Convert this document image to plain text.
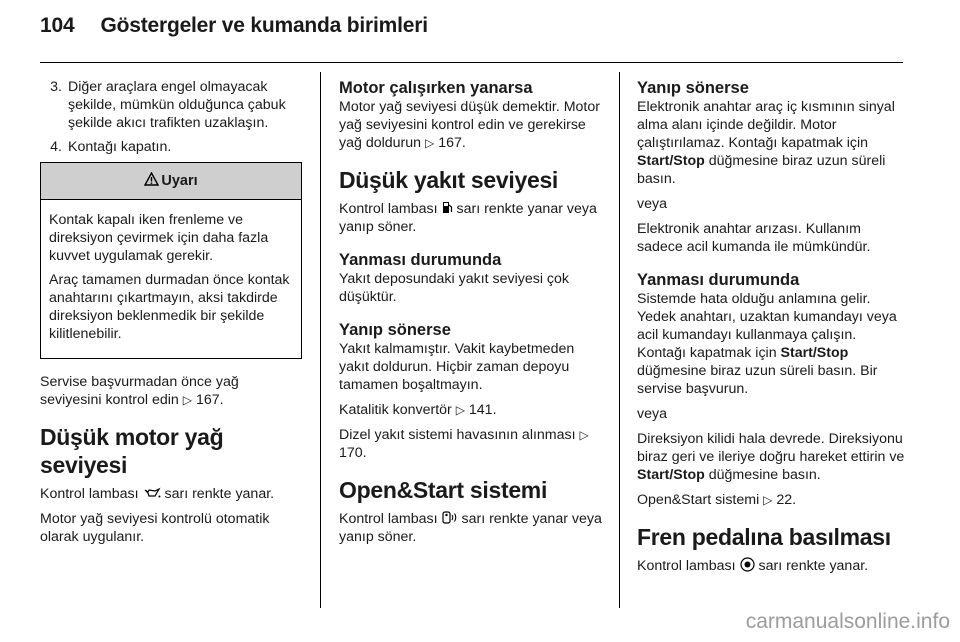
104 Göstergeler ve kumanda birimleri
3. Diğer araçlara engel olmayacak şekilde, mümkün olduğunca çabuk şekilde akıcı trafikten uzaklaşın.
4. Kontağı kapatın.
Uyarı

Kontak kapalı iken frenleme ve direksiyon çevirmek için daha fazla kuvvet uygulamak gerekir.

Araç tamamen durmadan önce kontak anahtarını çıkartmayın, aksi takdirde direksiyon beklenmedik bir şekilde kilitlenebilir.

Servise başvurmadan önce yağ seviyesini kontrol edin ▷ 167.

Düşük motor yağ seviyesi

Kontrol lambası sarı renkte yanar.

Motor yağ seviyesi kontrolü otomatik olarak uygulanır.

Motor çalışırken yanarsa

Motor yağ seviyesi düşük demektir. Motor yağ seviyesini kontrol edin ve gerekirse yağ doldurun ▷ 167.

Düşük yakıt seviyesi

Kontrol lambası sarı renkte yanar veya yanıp söner.

Yanması durumunda

Yakıt deposundaki yakıt seviyesi çok düşüktür.

Yanıp sönerse

Yakıt kalmamıştır. Vakit kaybetmeden yakıt doldurun. Hiçbir zaman depoyu tamamen boşaltmayın.

Katalitik konvertör ▷ 141.

Dizel yakıt sistemi havasının alınması ▷ 170.

Open&Start sistemi

Kontrol lambası sarı renkte yanar veya yanıp söner.

Yanıp sönerse

Elektronik anahtar araç iç kısmının sinyal alma alanı içinde değildir. Motor çalıştırılamaz. Kontağı kapatmak için Start/Stop düğmesine biraz uzun süreli basın.

veya

Elektronik anahtar arızası. Kullanım sadece acil kumanda ile mümkündür.

Yanması durumunda

Sistemde hata olduğu anlamına gelir. Yedek anahtarı, uzaktan kumandayı veya acil kumandayı kullanmaya çalışın. Kontağı kapatmak için Start/Stop düğmesine biraz uzun süreli basın. Bir servise başvurun.

veya

Direksiyon kilidi hala devrede. Direksiyonu biraz geri ve ileriye doğru hareket ettirin ve Start/Stop düğmesine basın.

Open&Start sistemi ▷ 22.

Fren pedalına basılması

Kontrol lambası sarı renkte yanar.

carmanualsonline.info
